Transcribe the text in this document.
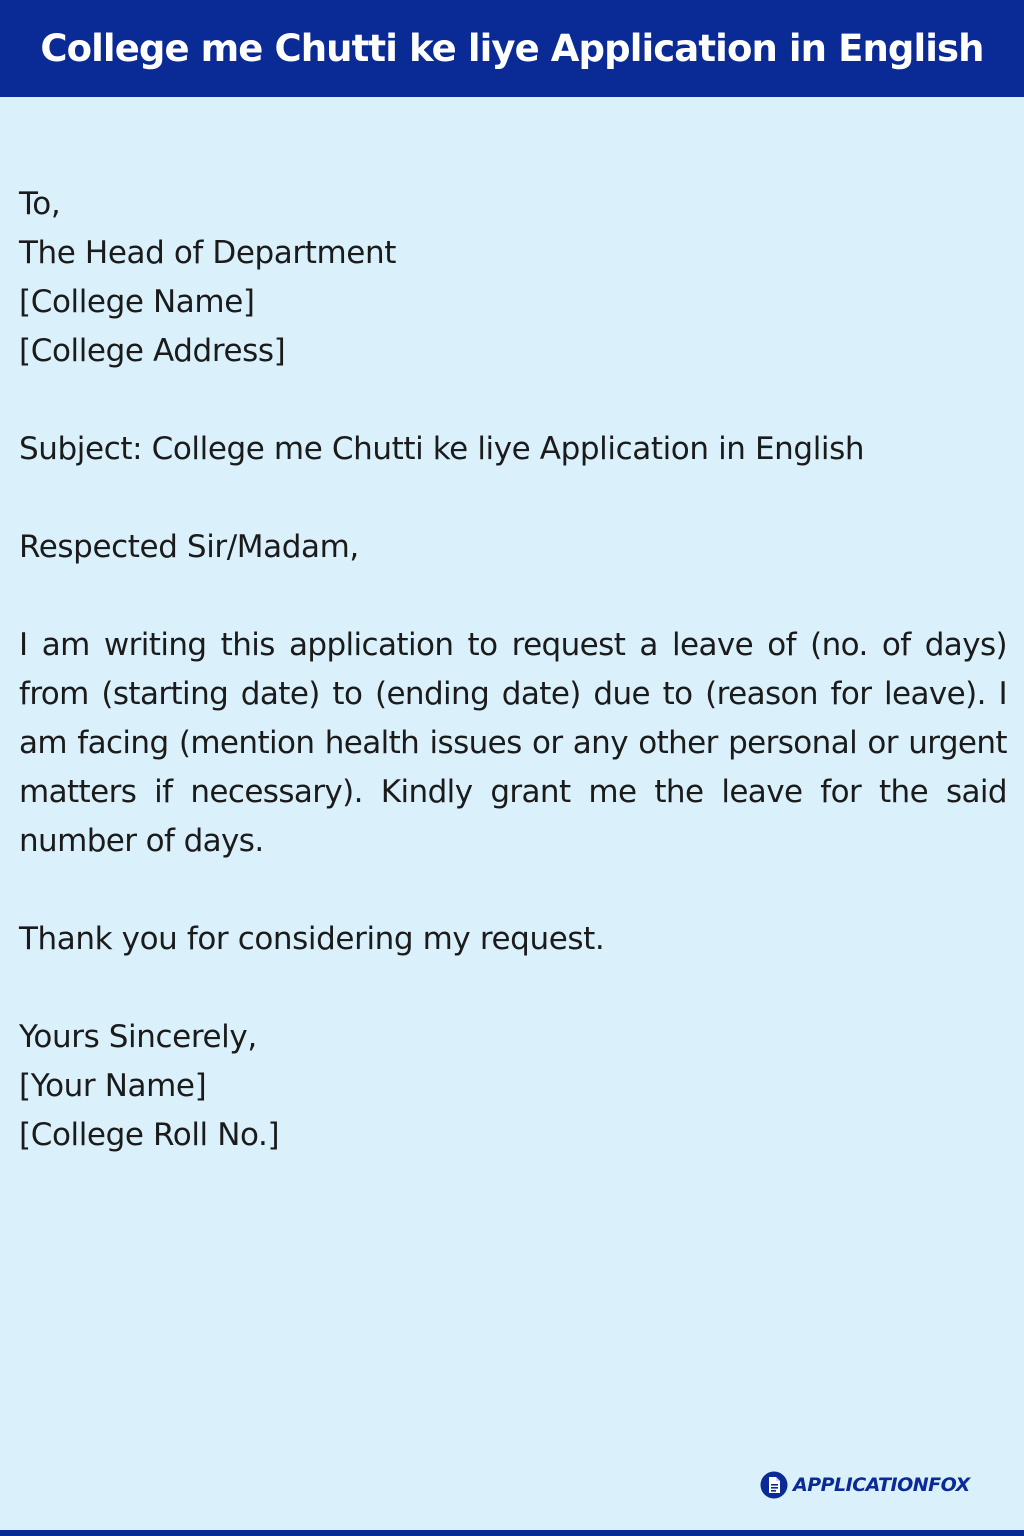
College me Chutti ke liye Application in English
To,
The Head of Department
[College Name]
[College Address]
Subject: College me Chutti ke liye Application in English
Respected Sir/Madam,
I am writing this application to request a leave of (no. of days) from (starting date) to (ending date) due to (reason for leave). I am facing (mention health issues or any other personal or urgent matters if necessary). Kindly grant me the leave for the said number of days.
Thank you for considering my request.
Yours Sincerely,
[Your Name]
[College Roll No.]
APPLICATIONFOX
